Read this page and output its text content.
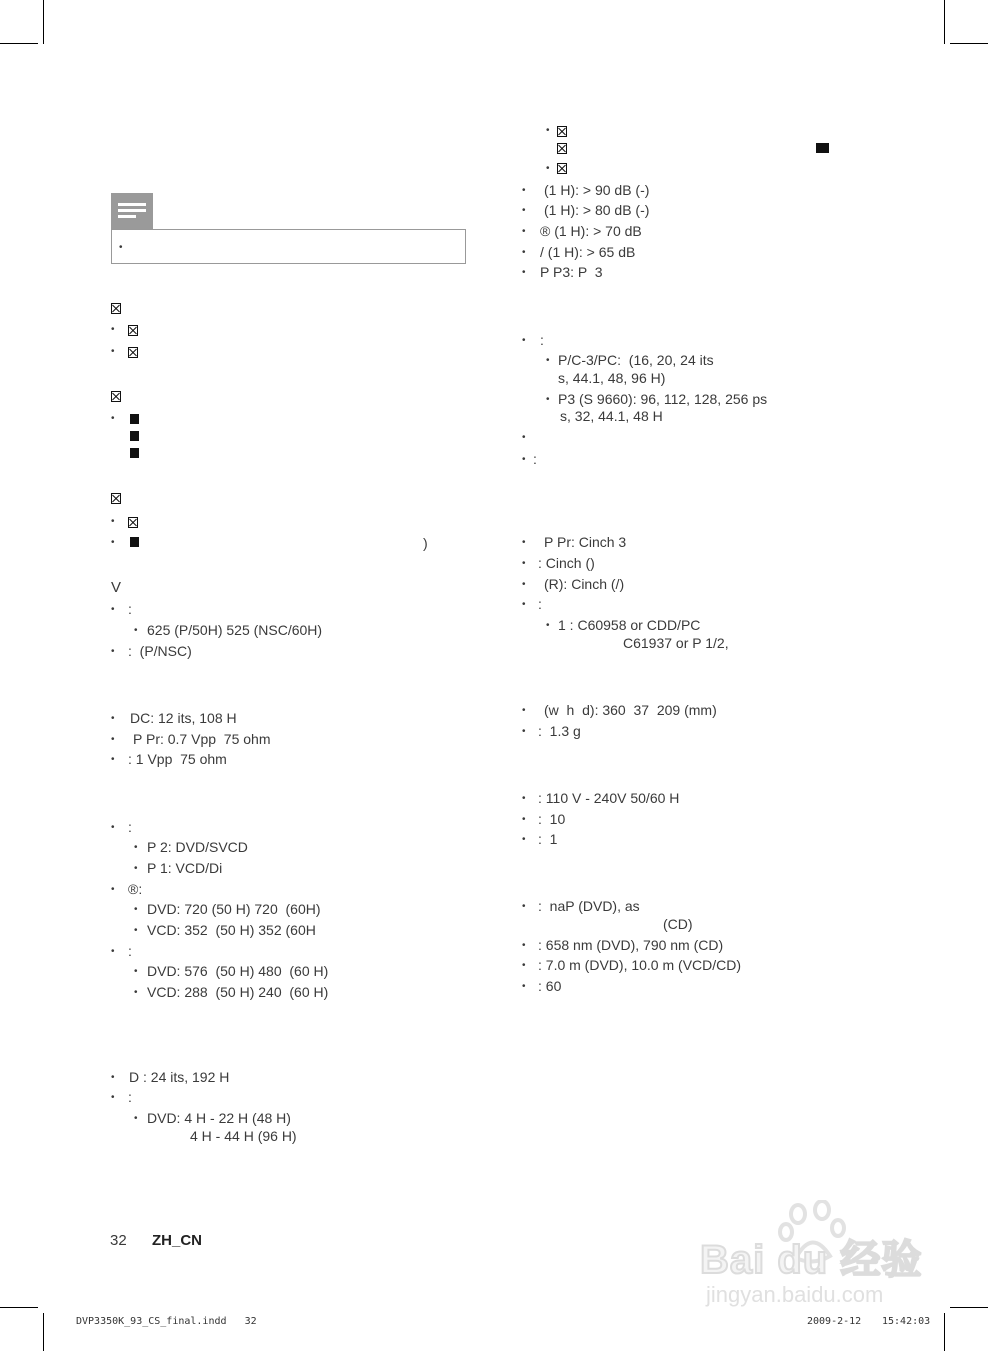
•
•
•
•
•
•	)
V
• :
• 625 (P/50H) 525 (NSC/60H)
• :  (P/NSC)
• DC: 12 its, 108 H
• P Pr: 0.7 Vpp  75 ohm
• : 1 Vpp  75 ohm
• :
• P 2: DVD/SVCD
• P 1: VCD/Di
• ®:
• DVD: 720 (50 H) 720  (60H)
• VCD: 352  (50 H) 352 (60H
• :
• DVD: 576  (50 H) 480  (60 H)
• VCD: 288  (50 H) 240  (60 H)
• D : 24 its, 192 H
• :
• DVD: 4 H - 22 H (48 H)
4 H - 44 H (96 H)
•
•
• (1 H): > 90 dB (-)
• (1 H): > 80 dB (-)
• ® (1 H): > 70 dB
• / (1 H): > 65 dB
• P P3: P  3
• :
• P/C-3/PC:  (16, 20, 24 its
s, 44.1, 48, 96 H)
• P3 (S 9660): 96, 112, 128, 256 ps
s, 32, 44.1, 48 H
•
• :
• P Pr: Cinch 3
• : Cinch ()
• (R): Cinch (/)
• :
• 1 : C60958 or CDD/PC
C61937 or P 1/2,
• (w  h  d): 360  37  209 (mm)
• :  1.3 g
• : 110 V - 240V 50/60 H
• :  10
• :  1
• :  naP (DVD), as
(CD)
• : 658 nm (DVD), 790 nm (CD)
• : 7.0 m (DVD), 10.0 m (VCD/CD)
• : 60
32 ZH_CN
DVP3350K_93_CS_final.indd   32	2009-2-12 15:42:03
Bai du 经验
jingyan.baidu.com
